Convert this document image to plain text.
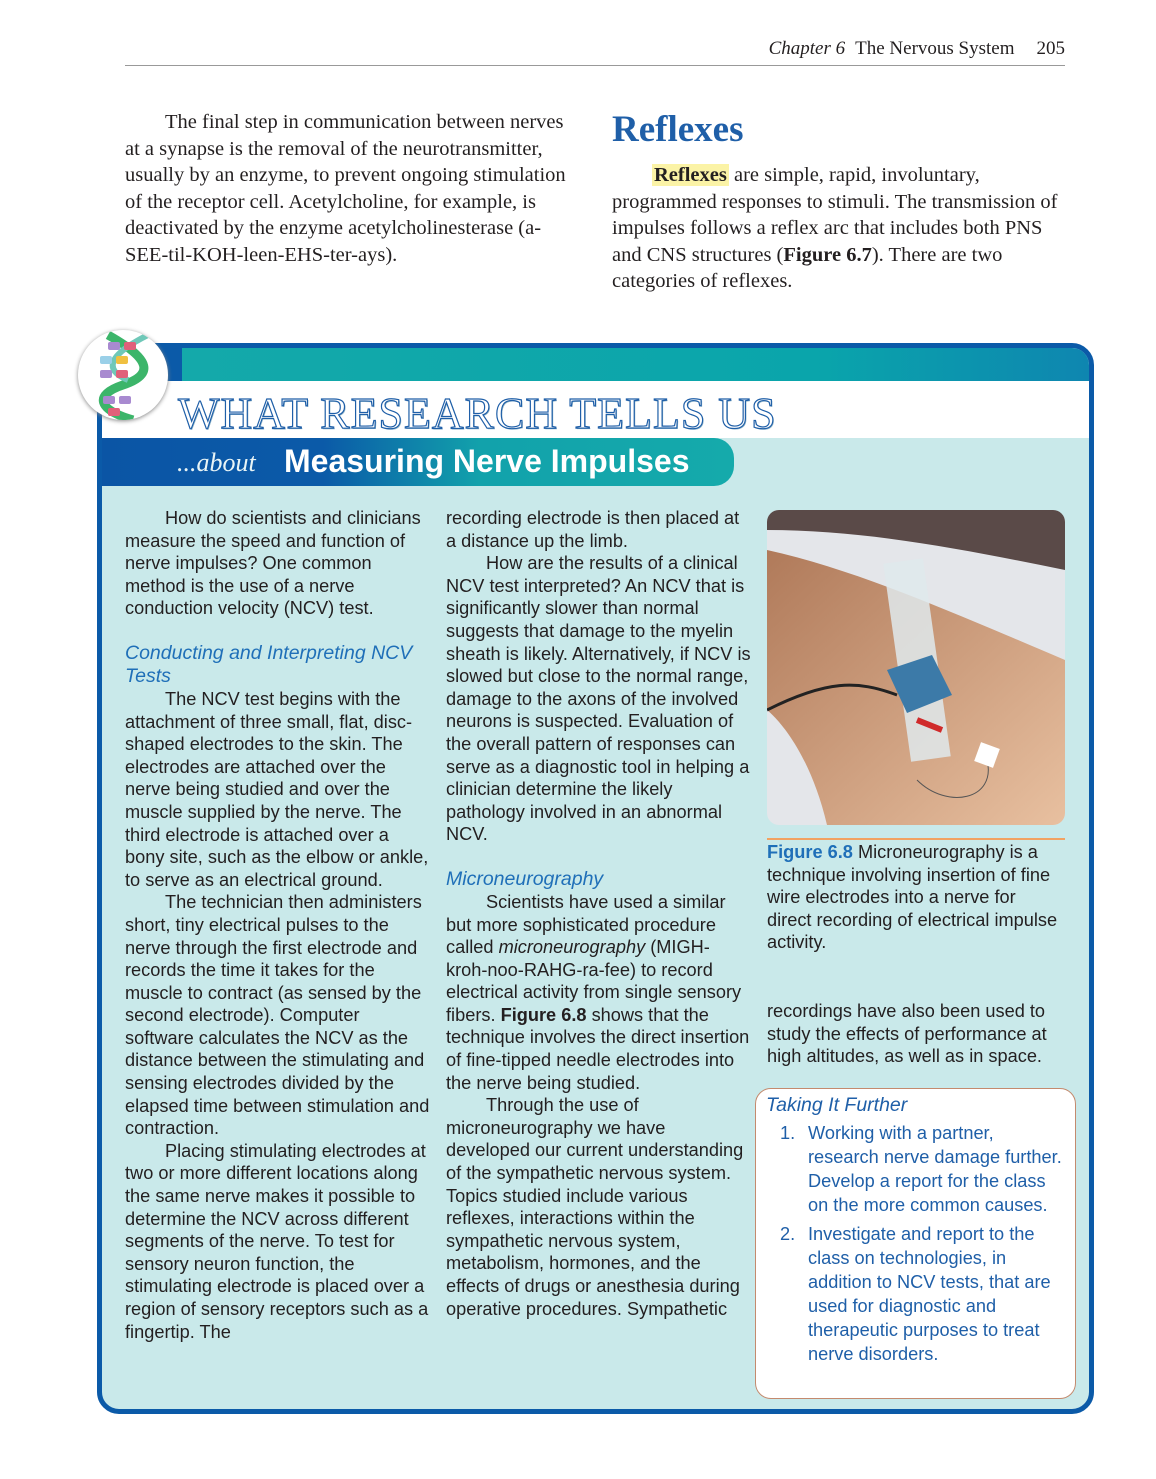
Chapter 6 The Nervous System 205

The final step in communication between nerves at a synapse is the removal of the neurotransmitter, usually by an enzyme, to prevent ongoing stimulation of the receptor cell. Acetylcholine, for example, is deactivated by the enzyme acetylcholinesterase (a-SEE-til-KOH-leen-EHS-ter-ays).

Reflexes

Reflexes are simple, rapid, involuntary, programmed responses to stimuli. The transmission of impulses follows a reflex arc that includes both PNS and CNS structures (Figure 6.7). There are two categories of reflexes.

WHAT RESEARCH TELLS US
...about Measuring Nerve Impulses

How do scientists and clinicians measure the speed and function of nerve impulses? One common method is the use of a nerve conduction velocity (NCV) test.

Conducting and Interpreting NCV Tests

The NCV test begins with the attachment of three small, flat, disc-shaped electrodes to the skin. The electrodes are attached over the nerve being studied and over the muscle supplied by the nerve. The third electrode is attached over a bony site, such as the elbow or ankle, to serve as an electrical ground.

The technician then administers short, tiny electrical pulses to the nerve through the first electrode and records the time it takes for the muscle to contract (as sensed by the second electrode). Computer software calculates the NCV as the distance between the stimulating and sensing electrodes divided by the elapsed time between stimulation and contraction.

Placing stimulating electrodes at two or more different locations along the same nerve makes it possible to determine the NCV across different segments of the nerve. To test for sensory neuron function, the stimulating electrode is placed over a region of sensory receptors such as a fingertip. The

recording electrode is then placed at a distance up the limb.

How are the results of a clinical NCV test interpreted? An NCV that is significantly slower than normal suggests that damage to the myelin sheath is likely. Alternatively, if NCV is slowed but close to the normal range, damage to the axons of the involved neurons is suspected. Evaluation of the overall pattern of responses can serve as a diagnostic tool in helping a clinician determine the likely pathology involved in an abnormal NCV.

Microneurography

Scientists have used a similar but more sophisticated procedure called microneurography (MIGH-kroh-noo-RAHG-ra-fee) to record electrical activity from single sensory fibers. Figure 6.8 shows that the technique involves the direct insertion of fine-tipped needle electrodes into the nerve being studied.

Through the use of microneurography we have developed our current understanding of the sympathetic nervous system. Topics studied include various reflexes, interactions within the sympathetic nervous system, metabolism, hormones, and the effects of drugs or anesthesia during operative procedures. Sympathetic

Figure 6.8 Microneurography is a technique involving insertion of fine wire electrodes into a nerve for direct recording of electrical impulse activity.

recordings have also been used to study the effects of performance at high altitudes, as well as in space.

Taking It Further
1. Working with a partner, research nerve damage further. Develop a report for the class on the more common causes.
2. Investigate and report to the class on technologies, in addition to NCV tests, that are used for diagnostic and therapeutic purposes to treat nerve disorders.
